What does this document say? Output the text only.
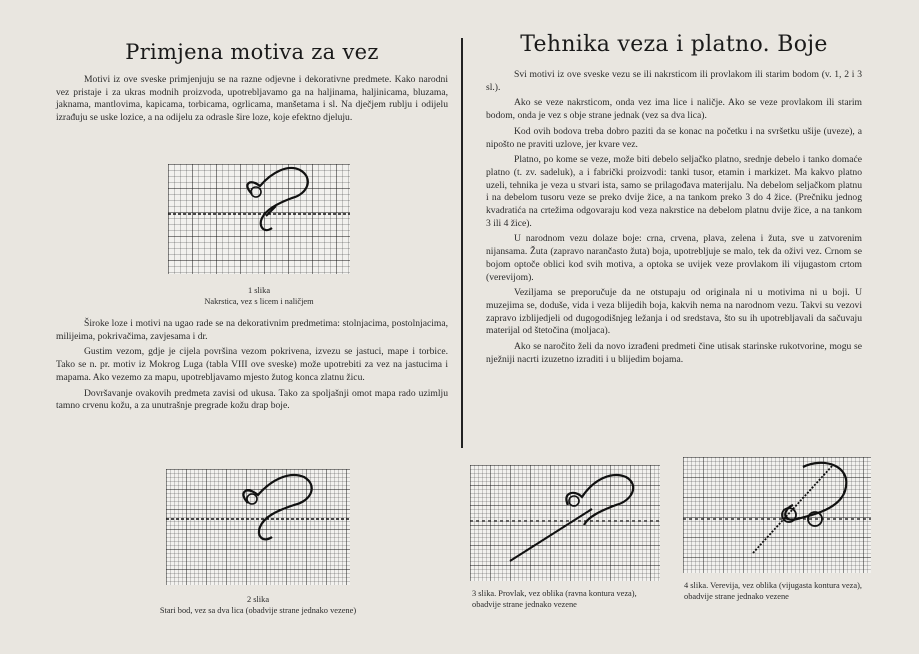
Primjena motiva za vez

Motivi iz ove sveske primjenjuju se na razne odjevne i dekorativne predmete. Kako narodni vez pristaje i za ukras modnih proizvoda, upotrebljavamo ga na haljinama, haljinicama, bluzama, jaknama, mantlovima, kapicama, torbicama, ogrlicama, manšetama i sl. Na dječjem rublju i odijelu izrađuju se uske lozice, a na odijelu za odrasle šire loze, koje efektno djeluju.

Široke loze i motivi na ugao rade se na dekorativnim predmetima: stolnjacima, postolnjacima, milijeima, pokrivačima, zavjesama i dr.

Gustim vezom, gdje je cijela površina vezom pokrivena, izvezu se jastuci, mape i torbice. Tako se n. pr. motiv iz Mokrog Luga (tabla VIII ove sveske) može upotrebiti za vez na jastucima i mapama. Ako vezemo za mapu, upotrebljavamo mjesto žutog konca zlatnu žicu.

Dovršavanje ovakovih predmeta zavisi od ukusa. Tako za spoljašnji omot mapa rado uzimlju tamno crvenu kožu, a za unutrašnje pregrade kožu drap boje.

Tehnika veza i platno. Boje

Svi motivi iz ove sveske vezu se ili nakrsticom ili provlakom ili starim bodom (v. 1, 2 i 3 sl.).

Ako se veze nakrsticom, onda vez ima lice i naličje. Ako se veze provlakom ili starim bodom, onda je vez s obje strane jednak (vez sa dva lica).

Kod ovih bodova treba dobro paziti da se konac na početku i na svršetku ušije (uveze), a nipošto ne praviti uzlove, jer kvare vez.

Platno, po kome se veze, može biti debelo seljačko platno, srednje debelo i tanko domaće platno (t. zv. sadeluk), a i fabrički proizvodi: tanki tusor, etamin i markizet. Ma kakvo platno uzeli, tehnika je veza u stvari ista, samo se prilagođava materijalu. Na debelom seljačkom platnu i na debelom tusoru veze se preko dvije žice, a na tankom preko 3 do 4 žice. (Prečniku jednog kvadratića na crtežima odgovaraju kod veza nakrstice na debelom platnu dvije žice, a na tankom 3 ili 4 žice).

U narodnom vezu dolaze boje: crna, crvena, plava, zelena i žuta, sve u zatvorenim nijansama. Žuta (zapravo narančasto žuta) boja, upotrebljuje se malo, tek da oživi vez. Crnom se bojom optoče oblici kod svih motiva, a optoka se uvijek veze provlakom ili vijugastom crtom (verevijom).

Veziljama se preporučuje da ne otstupaju od originala ni u motivima ni u boji. U muzejima se, doduše, vida i veza blijedih boja, kakvih nema na narodnom vezu. Takvi su vezovi zapravo izblijedjeli od dugogodišnjeg ležanja i od sredstava, što su ih upotrebljavali da sačuvaju materijal od štetočina (moljaca).

Ako se naročito želi da novo izrađeni predmeti čine utisak starinske rukotvorine, mogu se nježniji nacrti izuzetno izraditi i u blijedim bojama.

1 slika
Nakrstica, vez s licem i naličjem
2 slika
Stari bod, vez sa dva lica (obadvije strane jednako vezene)
3 slika. Provlak, vez oblika (ravna kontura veza), obadvije strane jednako vezene
4 slika. Verevija, vez oblika (vijugasta kontura veza), obadvije strane jednako vezene
